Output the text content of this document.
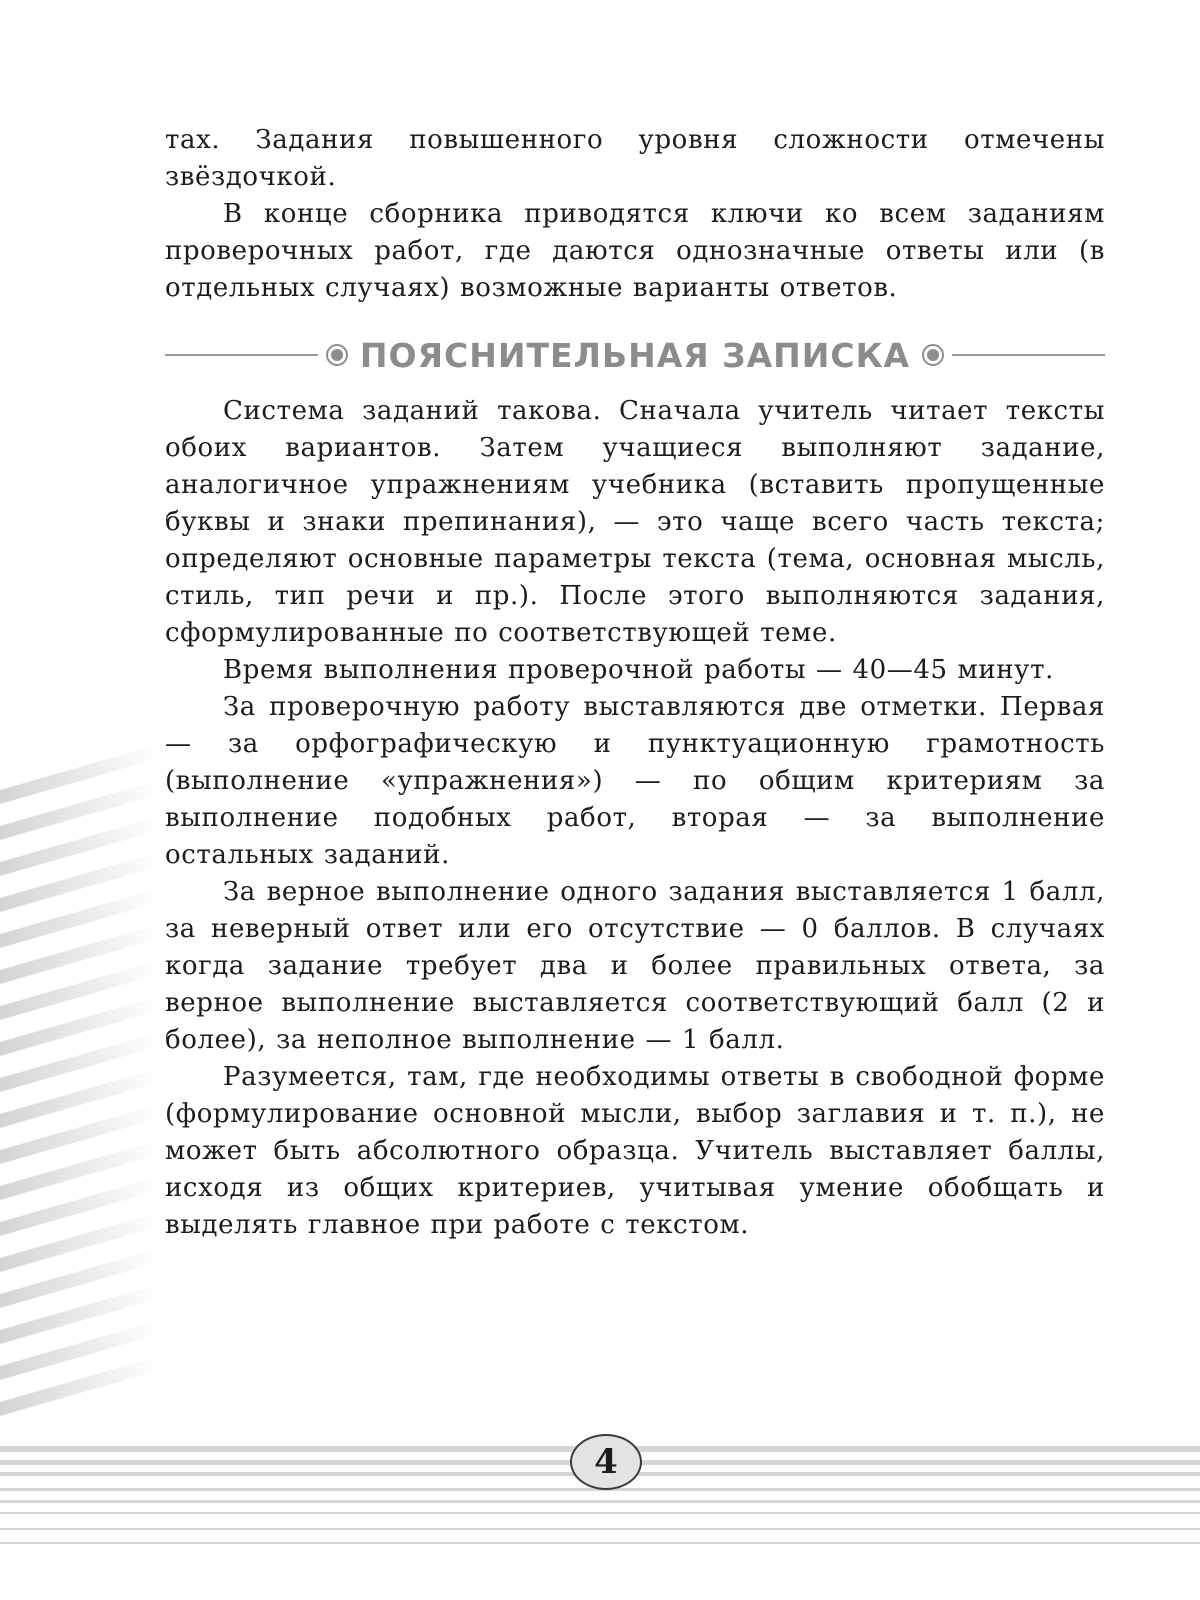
тах. Задания повышенного уровня сложности отмечены звёздочкой.

В конце сборника приводятся ключи ко всем заданиям проверочных работ, где даются однозначные ответы или (в отдельных случаях) возможные варианты ответов.

ПОЯСНИТЕЛЬНАЯ ЗАПИСКА

Система заданий такова. Сначала учитель читает тексты обоих вариантов. Затем учащиеся выполняют задание, аналогичное упражнениям учебника (вставить пропущенные буквы и знаки препинания), — это чаще всего часть текста; определяют основные параметры текста (тема, основная мысль, стиль, тип речи и пр.). После этого выполняются задания, сформулированные по соответствующей теме.

Время выполнения проверочной работы — 40—45 минут.

За проверочную работу выставляются две отметки. Первая — за орфографическую и пунктуационную грамотность (выполнение «упражнения») — по общим критериям за выполнение подобных работ, вторая — за выполнение остальных заданий.

За верное выполнение одного задания выставляется 1 балл, за неверный ответ или его отсутствие — 0 баллов. В случаях когда задание требует два и более правильных ответа, за верное выполнение выставляется соответствующий балл (2 и более), за неполное выполнение — 1 балл.

Разумеется, там, где необходимы ответы в свободной форме (формулирование основной мысли, выбор заглавия и т. п.), не может быть абсолютного образца. Учитель выставляет баллы, исходя из общих критериев, учитывая умение обобщать и выделять главное при работе с текстом.

4
